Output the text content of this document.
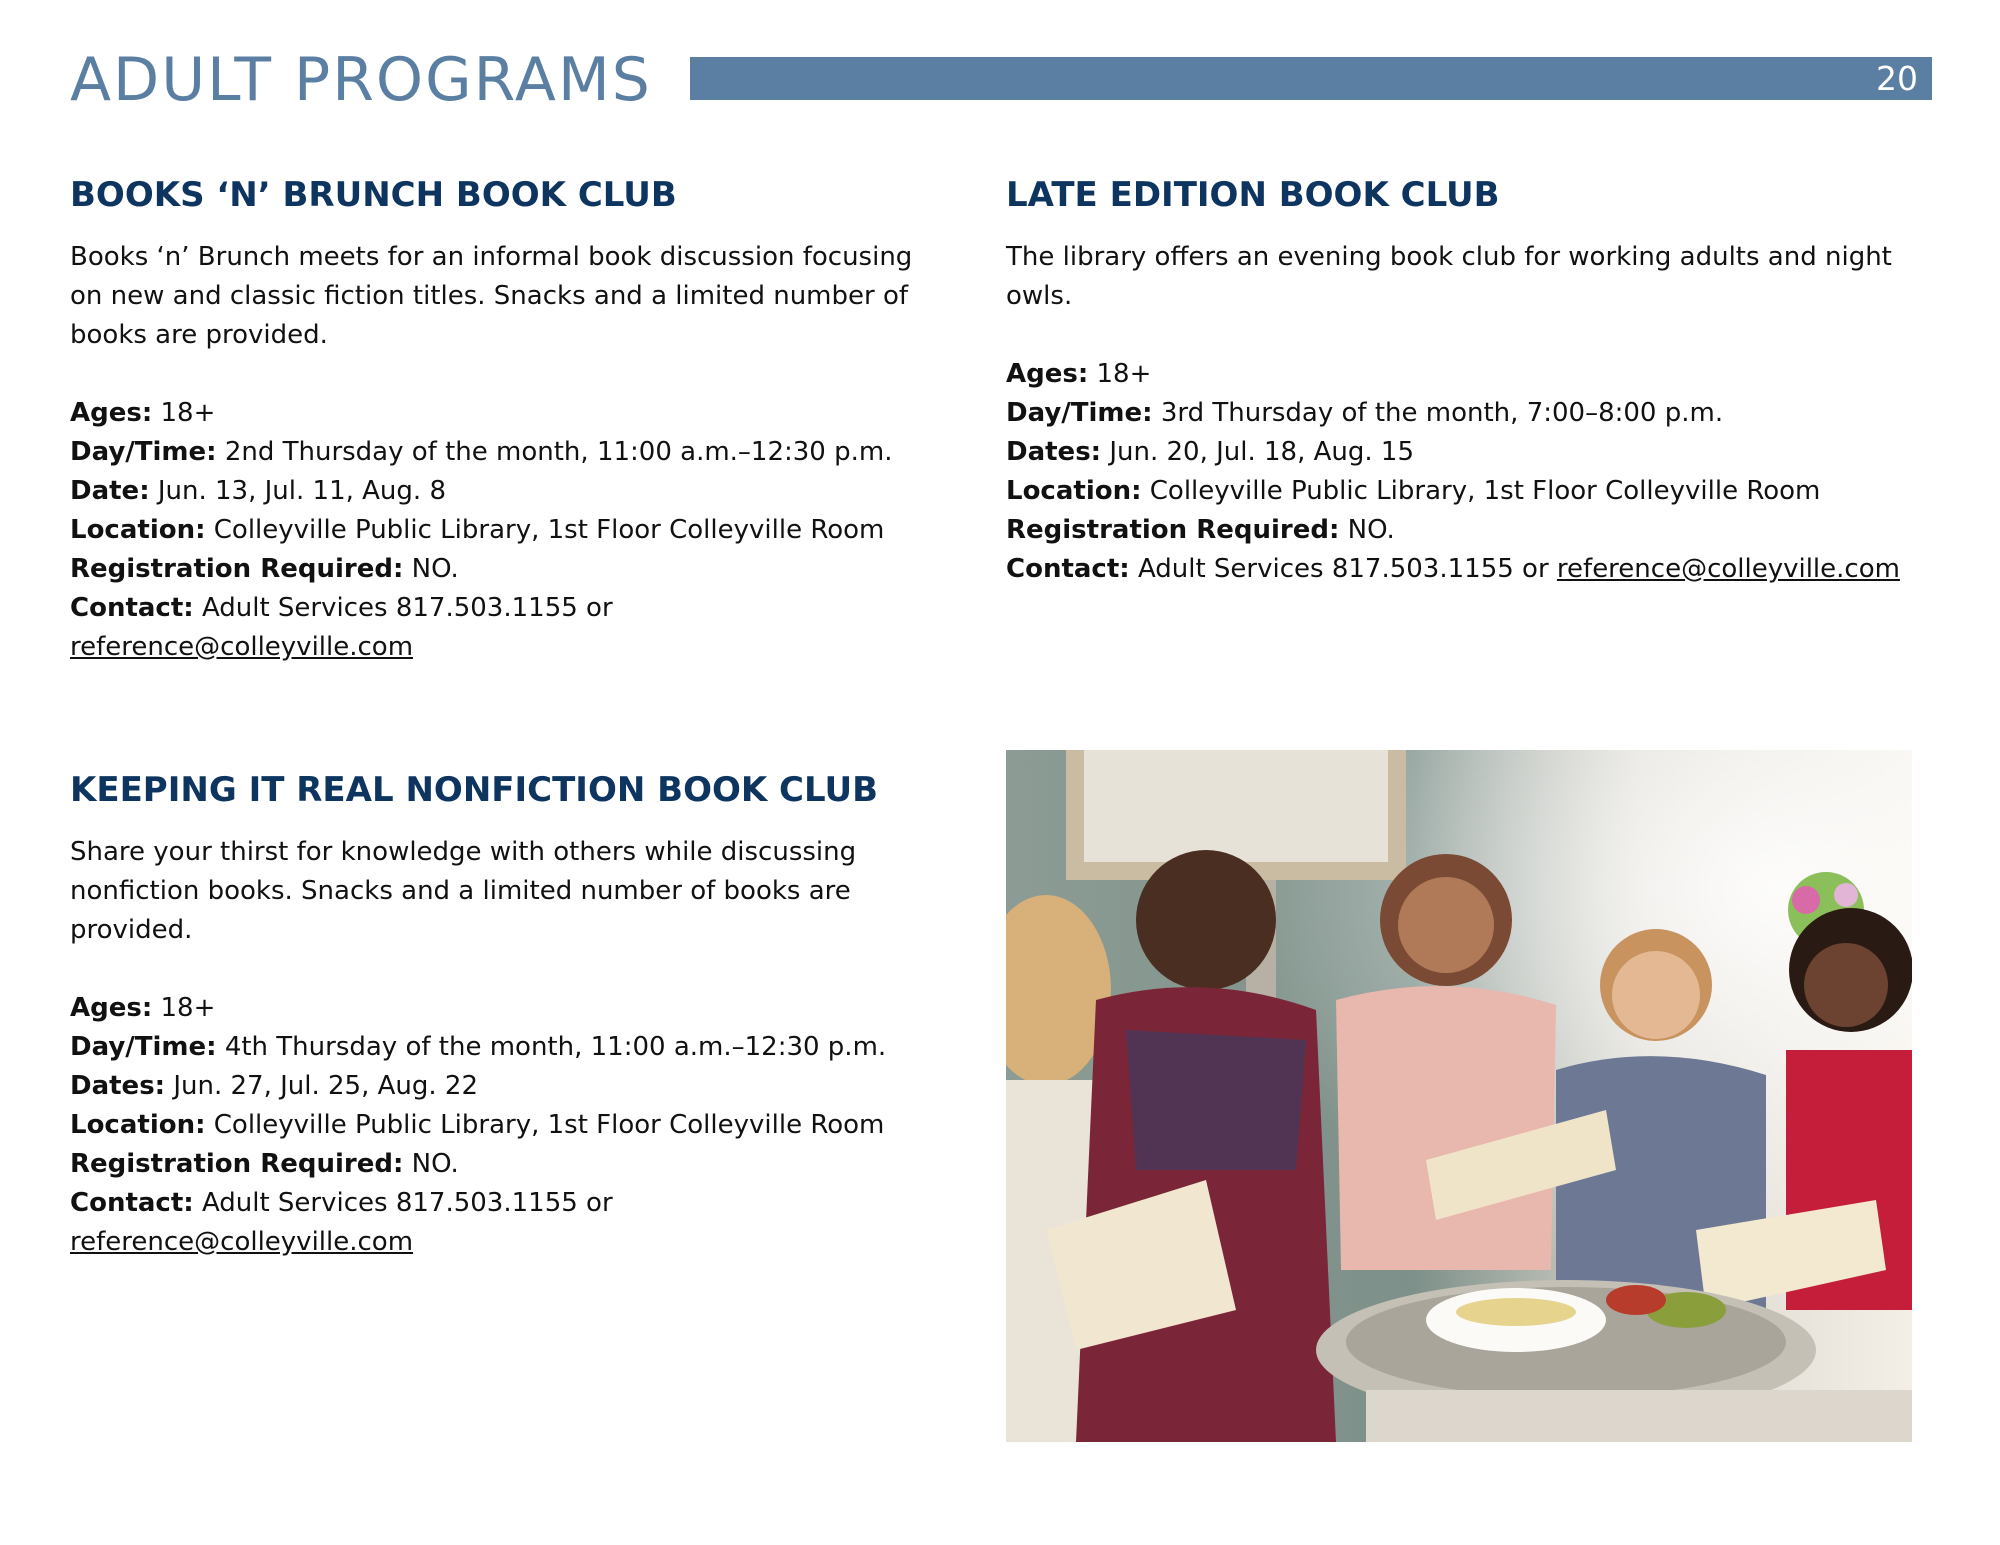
ADULT PROGRAMS	20
BOOKS ‘N’ BRUNCH BOOK CLUB

Books ‘n’ Brunch meets for an informal book discussion focusing on new and classic fiction titles. Snacks and a limited number of books are provided.

Ages: 18+

Day/Time: 2nd Thursday of the month, 11:00 a.m.–12:30 p.m.

Date: Jun. 13, Jul. 11, Aug. 8

Location: Colleyville Public Library, 1st Floor Colleyville Room

Registration Required: NO.

Contact: Adult Services 817.503.1155 or

reference@colleyville.com

LATE EDITION BOOK CLUB

The library offers an evening book club for working adults and night owls.

Ages: 18+

Day/Time: 3rd Thursday of the month, 7:00–8:00 p.m.

Dates: Jun. 20, Jul. 18, Aug. 15

Location: Colleyville Public Library, 1st Floor Colleyville Room

Registration Required: NO.

Contact: Adult Services 817.503.1155 or reference@colleyville.com

KEEPING IT REAL NONFICTION BOOK CLUB

Share your thirst for knowledge with others while discussing nonfiction books. Snacks and a limited number of books are provided.

Ages: 18+

Day/Time: 4th Thursday of the month, 11:00 a.m.–12:30 p.m.

Dates: Jun. 27, Jul. 25, Aug. 22

Location: Colleyville Public Library, 1st Floor Colleyville Room

Registration Required: NO.

Contact: Adult Services 817.503.1155 or

reference@colleyville.com
